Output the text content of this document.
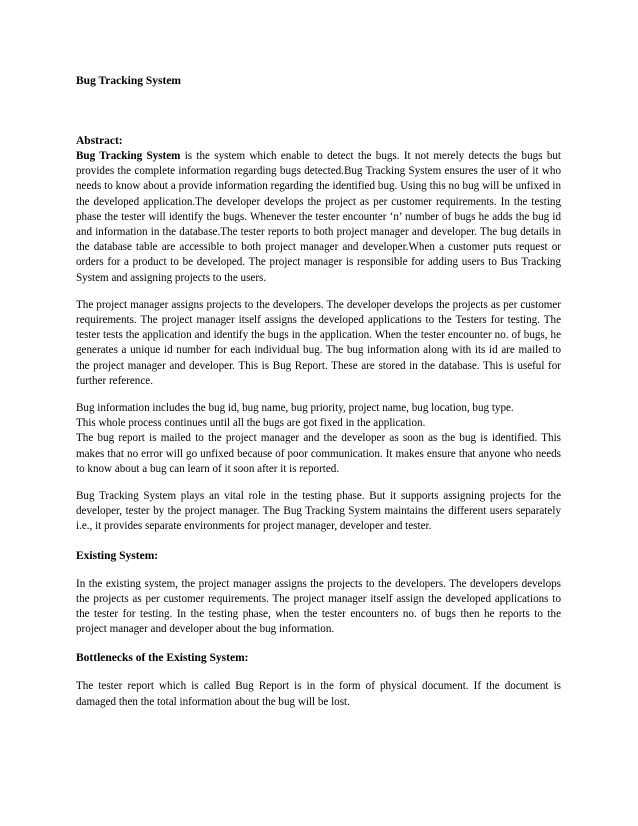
Bug Tracking System
Abstract:

Bug Tracking System is the system which enable to detect the bugs. It not merely detects the bugs but provides the complete information regarding bugs detected.Bug Tracking System ensures the user of it who needs to know about a provide information regarding the identified bug. Using this no bug will be unfixed in the developed application.The developer develops the project as per customer requirements. In the testing phase the tester will identify the bugs. Whenever the tester encounter ‘n’ number of bugs he adds the bug id and information in the database.The tester reports to both project manager and developer. The bug details in the database table are accessible to both project manager and developer.When a customer puts request or orders for a product to be developed. The project manager is responsible for adding users to Bus Tracking System and assigning projects to the users.

The project manager assigns projects to the developers. The developer develops the projects as per customer requirements. The project manager itself assigns the developed applications to the Testers for testing. The tester tests the application and identify the bugs in the application. When the tester encounter no. of bugs, he generates a unique id number for each individual bug. The bug information along with its id are mailed to the project manager and developer. This is Bug Report. These are stored in the database. This is useful for further reference.

Bug information includes the bug id, bug name, bug priority, project name, bug location, bug type.

This whole process continues until all the bugs are got fixed in the application.

The bug report is mailed to the project manager and the developer as soon as the bug is identified. This makes that no error will go unfixed because of poor communication. It makes ensure that anyone who needs to know about a bug can learn of it soon after it is reported.

Bug Tracking System plays an vital role in the testing phase. But it supports assigning projects for the developer, tester by the project manager. The Bug Tracking System maintains the different users separately i.e., it provides separate environments for project manager, developer and tester.

Existing System:

In the existing system, the project manager assigns the projects to the developers. The developers develops the projects as per customer requirements. The project manager itself assign the developed applications to the tester for testing. In the testing phase, when the tester encounters no. of bugs then he reports to the project manager and developer about the bug information.

Bottlenecks of the Existing System:

The tester report which is called Bug Report is in the form of physical document. If the document is damaged then the total information about the bug will be lost.
